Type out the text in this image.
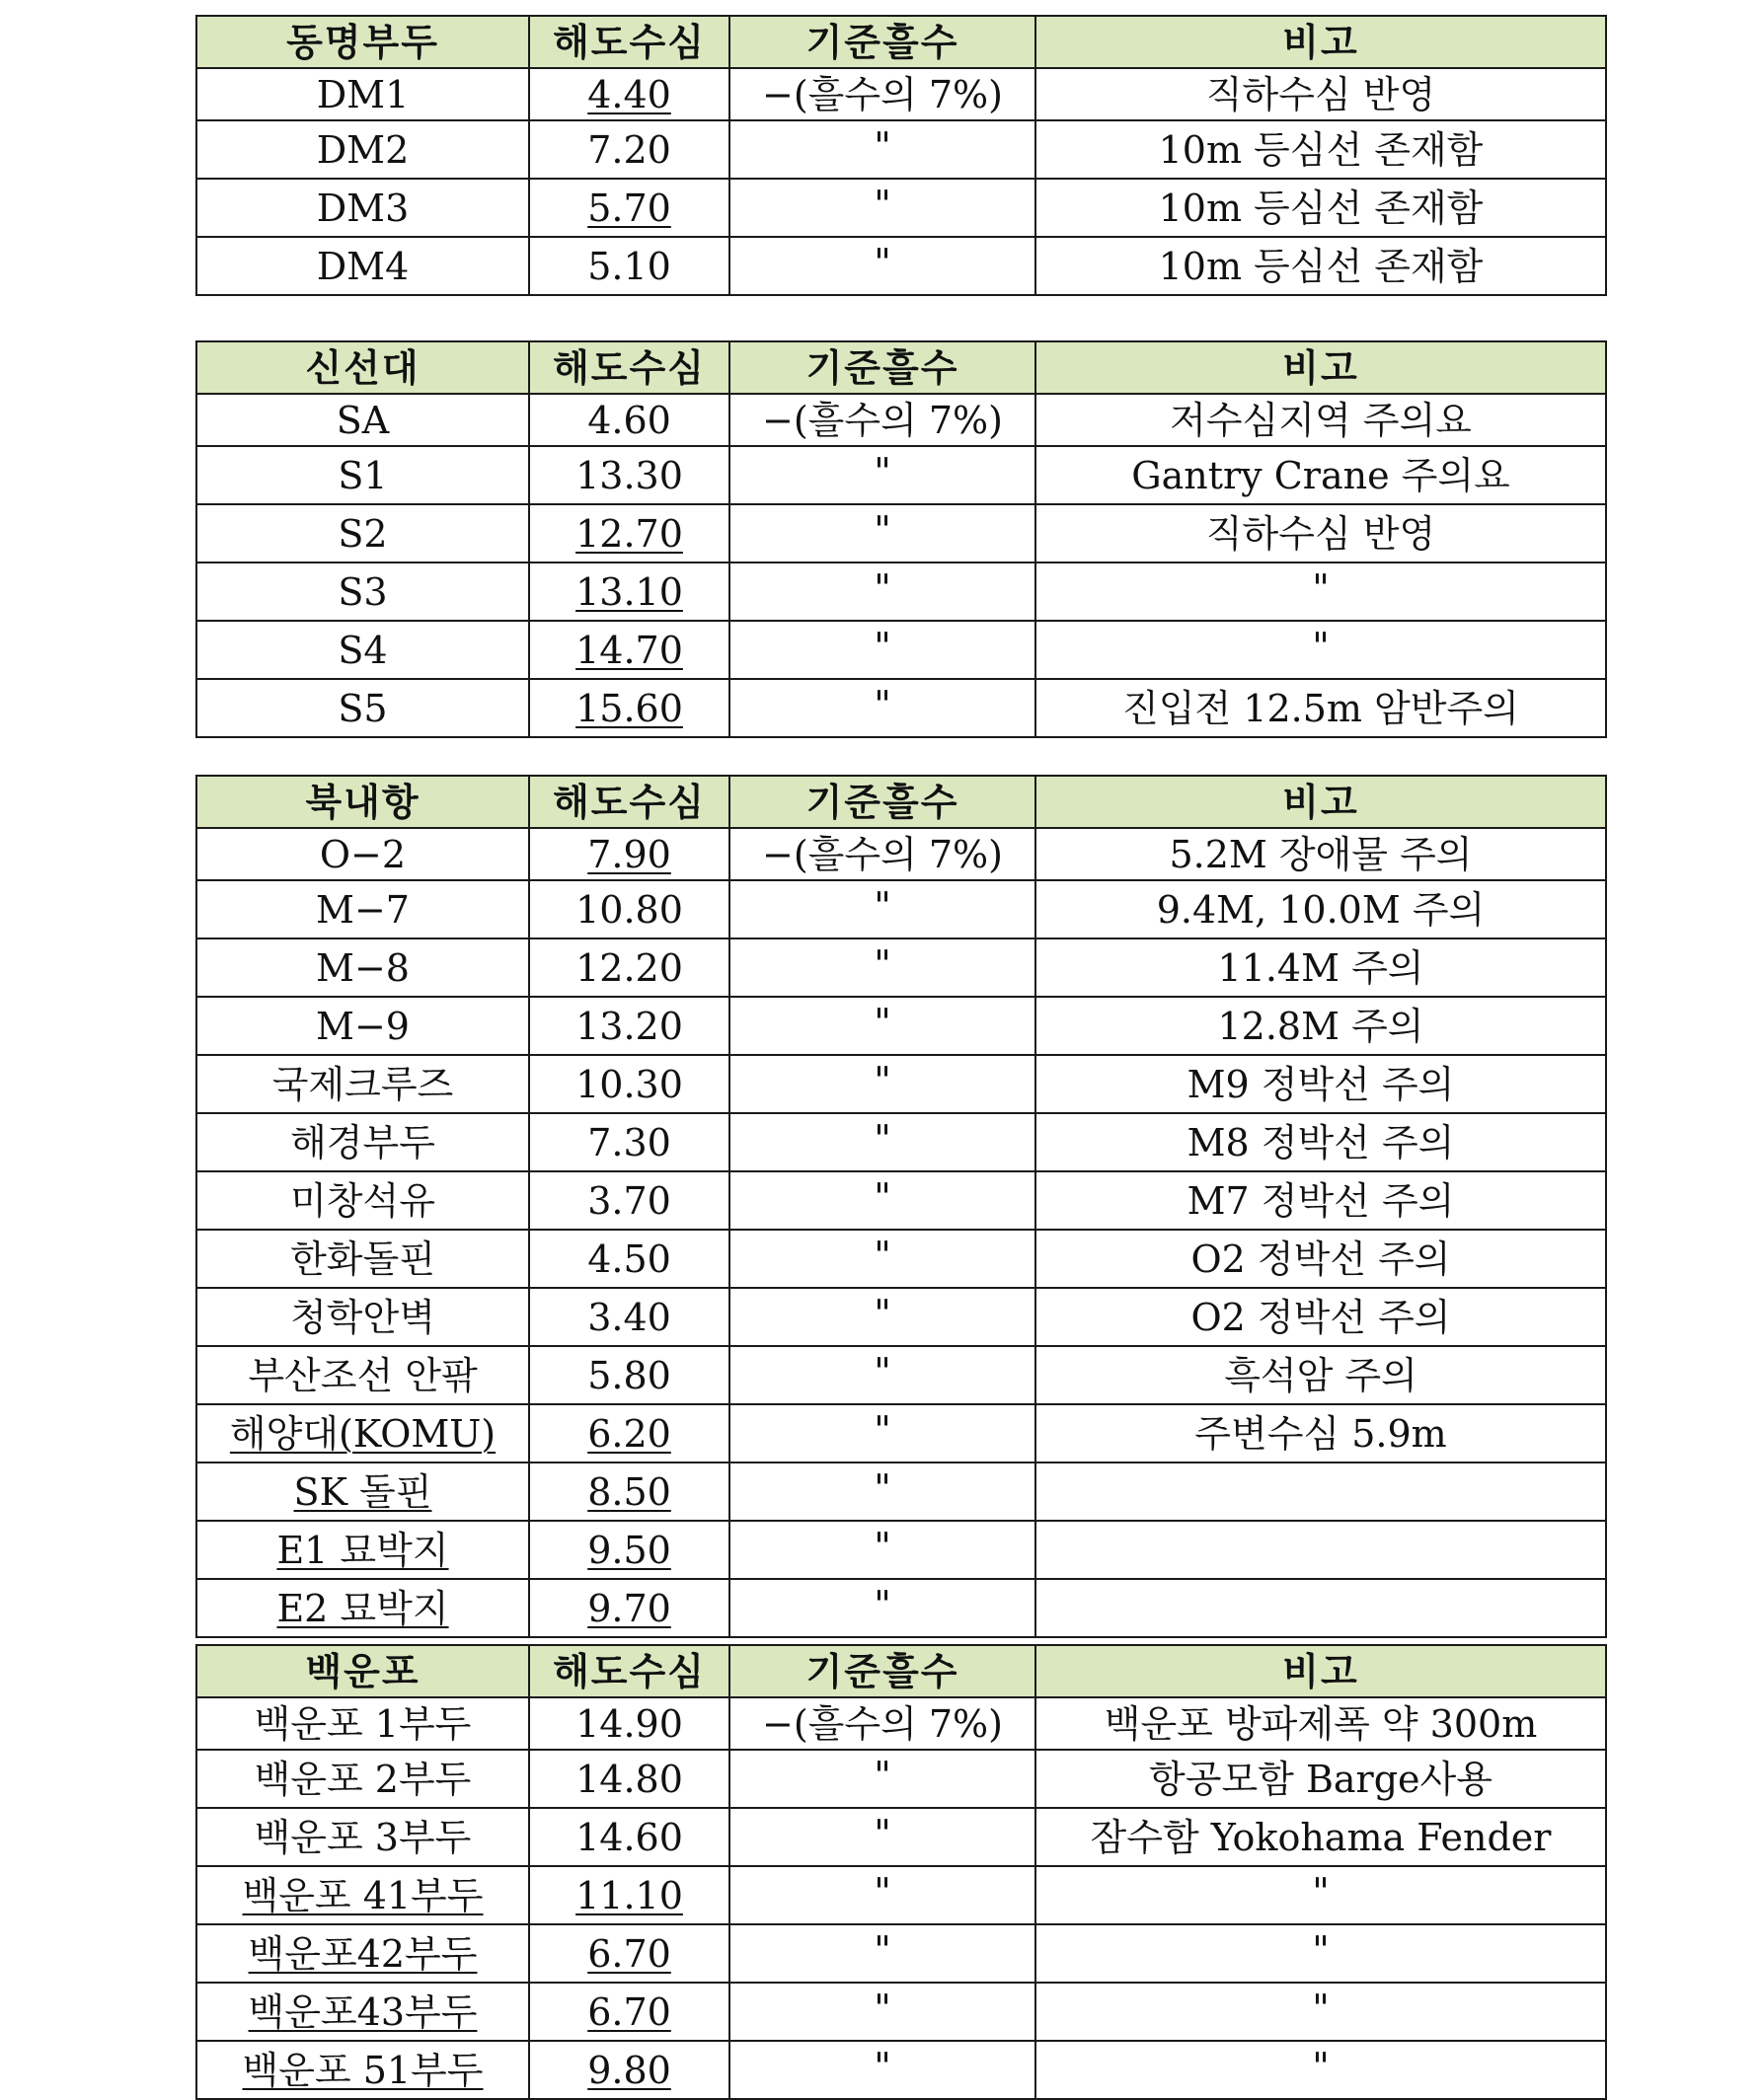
동명부두	해도수심	기준흘수	비고
DM1	4.40	−(흘수의 7%)	직하수심 반영
DM2	7.20	"	10m 등심선 존재함
DM3	5.70	"	10m 등심선 존재함
DM4	5.10	"	10m 등심선 존재함
신선대	해도수심	기준흘수	비고
SA	4.60	−(흘수의 7%)	저수심지역 주의요
S1	13.30	"	Gantry Crane 주의요
S2	12.70	"	직하수심 반영
S3	13.10	"	"
S4	14.70	"	"
S5	15.60	"	진입전 12.5m 암반주의
북내항	해도수심	기준흘수	비고
O−2	7.90	−(흘수의 7%)	5.2M 장애물 주의
M−7	10.80	"	9.4M, 10.0M 주의
M−8	12.20	"	11.4M 주의
M−9	13.20	"	12.8M 주의
국제크루즈	10.30	"	M9 정박선 주의
해경부두	7.30	"	M8 정박선 주의
미창석유	3.70	"	M7 정박선 주의
한화돌핀	4.50	"	O2 정박선 주의
청학안벽	3.40	"	O2 정박선 주의
부산조선 안팎	5.80	"	흑석암 주의
해양대(KOMU)	6.20	"	주변수심 5.9m
SK 돌핀	8.50	"	
E1 묘박지	9.50	"	
E2 묘박지	9.70	"	
백운포	해도수심	기준흘수	비고
백운포 1부두	14.90	−(흘수의 7%)	백운포 방파제폭 약 300m
백운포 2부두	14.80	"	항공모함 Barge사용
백운포 3부두	14.60	"	잠수함 Yokohama Fender
백운포 41부두	11.10	"	"
백운포42부두	6.70	"	"
백운포43부두	6.70	"	"
백운포 51부두	9.80	"	"
